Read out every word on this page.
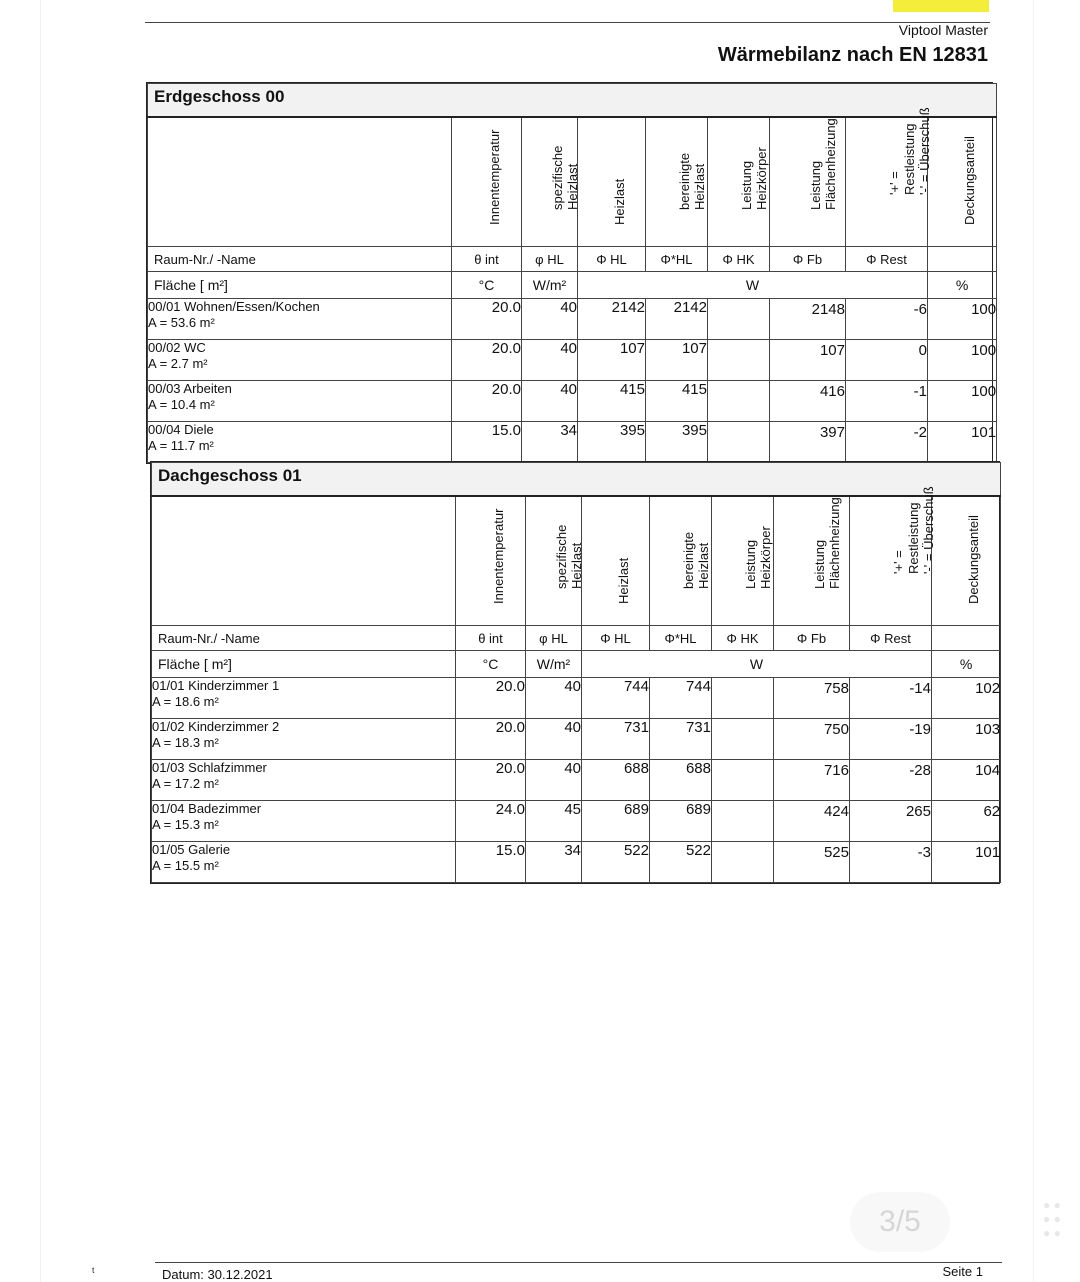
Viptool Master
Wärmebilanz nach EN 12831
Erdgeschoss 00								

	Innentemperatur	spezifische Heizlast	Heizlast	bereinigte Heizlast	Leistung Heizkörper	Leistung Flächenheizung	'+' = Restleistung '-' = Überschuß	Deckungsanteil

Raum-Nr./ -Name	θ int	φ HL	Φ HL	Φ*HL	Φ HK	Φ Fb	Φ Rest	
Fläche [ m²]	°C	W/m²	W					%

00/01 Wohnen/Essen/Kochen
A = 53.6 m²	20.0	40	2142	2142		2148	-6	100

00/02 WC
A = 2.7 m²	20.0	40	107	107		107	0	100

00/03 Arbeiten
A = 10.4 m²	20.0	40	415	415		416	-1	100

00/04 Diele
A = 11.7 m²	15.0	34	395	395		397	-2	101
Dachgeschoss 01								

	Innentemperatur	spezifische Heizlast	Heizlast	bereinigte Heizlast	Leistung Heizkörper	Leistung Flächenheizung	'+' = Restleistung '-' = Überschuß	Deckungsanteil

Raum-Nr./ -Name	θ int	φ HL	Φ HL	Φ*HL	Φ HK	Φ Fb	Φ Rest	
Fläche [ m²]	°C	W/m²	W					%

01/01 Kinderzimmer 1
A = 18.6 m²	20.0	40	744	744		758	-14	102

01/02 Kinderzimmer 2
A = 18.3 m²	20.0	40	731	731		750	-19	103

01/03 Schlafzimmer
A = 17.2 m²	20.0	40	688	688		716	-28	104

01/04 Badezimmer
A = 15.3 m²	24.0	45	689	689		424	265	62

01/05 Galerie
A = 15.5 m²	15.0	34	522	522		525	-3	101
Datum: 30.12.2021	Seite 1
3/5	● ●
● ●
● ●
ᵗ
